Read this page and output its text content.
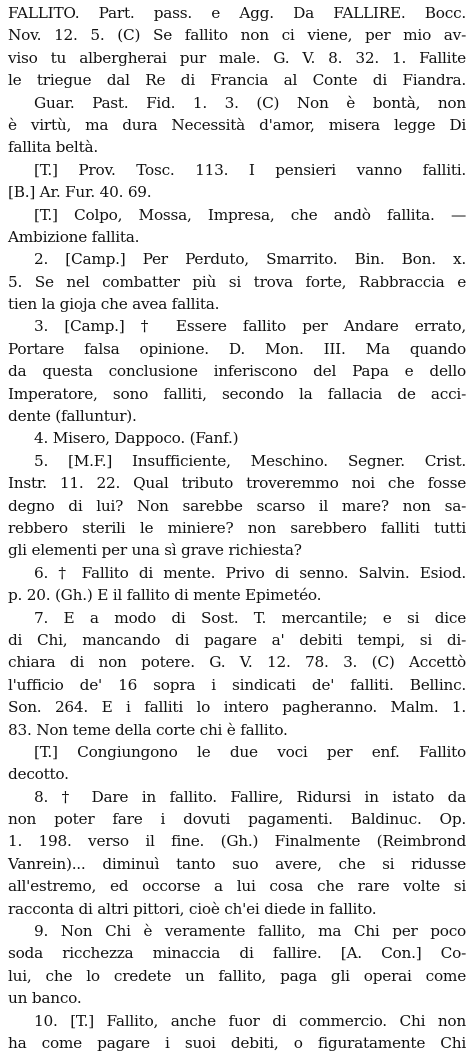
FALLITO. Part. pass. e Agg. Da FALLIRE. Bocc.
Nov. 12. 5. (C) Se fallito non ci viene, per mio av-
viso tu albergherai pur male. G. V. 8. 32. 1. Fallite
le triegue dal Re di Francia al Conte di Fiandra.
Guar. Past. Fid. 1. 3. (C) Non è bontà, non
è virtù, ma dura Necessità d'amor, misera legge Di
fallita beltà.
[T.] Prov. Tosc. 113. I pensieri vanno falliti.
[B.] Ar. Fur. 40. 69.
[T.] Colpo, Mossa, Impresa, che andò fallita. —
Ambizione fallita.
2. [Camp.] Per Perduto, Smarrito. Bin. Bon. x.
5. Se nel combatter più si trova forte, Rabbraccia e
tien la gioja che avea fallita.
3. [Camp.] † Essere fallito per Andare errato,
Portare falsa opinione. D. Mon. III. Ma quando
da questa conclusione inferiscono del Papa e dello
Imperatore, sono falliti, secondo la fallacia de acci-
dente (falluntur).
4. Misero, Dappoco. (Fanf.)
5. [M.F.] Insufficiente, Meschino. Segner. Crist.
Instr. 11. 22. Qual tributo troveremmo noi che fosse
degno di lui? Non sarebbe scarso il mare? non sa-
rebbero sterili le miniere? non sarebbero falliti tutti
gli elementi per una sì grave richiesta?
6. † Fallito di mente. Privo di senno. Salvin. Esiod.
p. 20. (Gh.) E il fallito di mente Epimetéo.
7. E a modo di Sost. T. mercantile; e si dice
di Chi, mancando di pagare a' debiti tempi, si di-
chiara di non potere. G. V. 12. 78. 3. (C) Accettò
l'ufficio de' 16 sopra i sindicati de' falliti. Bellinc.
Son. 264. E i falliti lo intero pagheranno. Malm. 1.
83. Non teme della corte chi è fallito.
[T.] Congiungono le due voci per enf. Fallito
decotto.
8. † Dare in fallito. Fallire, Ridursi in istato da
non poter fare i dovuti pagamenti. Baldinuc. Op.
1. 198. verso il fine. (Gh.) Finalmente (Reimbrond
Vanrein)... diminuì tanto suo avere, che si ridusse
all'estremo, ed occorse a lui cosa che rare volte si
racconta di altri pittori, cioè ch'ei diede in fallito.
9. Non Chi è veramente fallito, ma Chi per poco
soda ricchezza minaccia di fallire. [A. Con.] Co-
lui, che lo credete un fallito, paga gli operai come
un banco.
10. [T.] Fallito, anche fuor di commercio. Chi non
ha come pagare i suoi debiti, o figuratamente Chi
